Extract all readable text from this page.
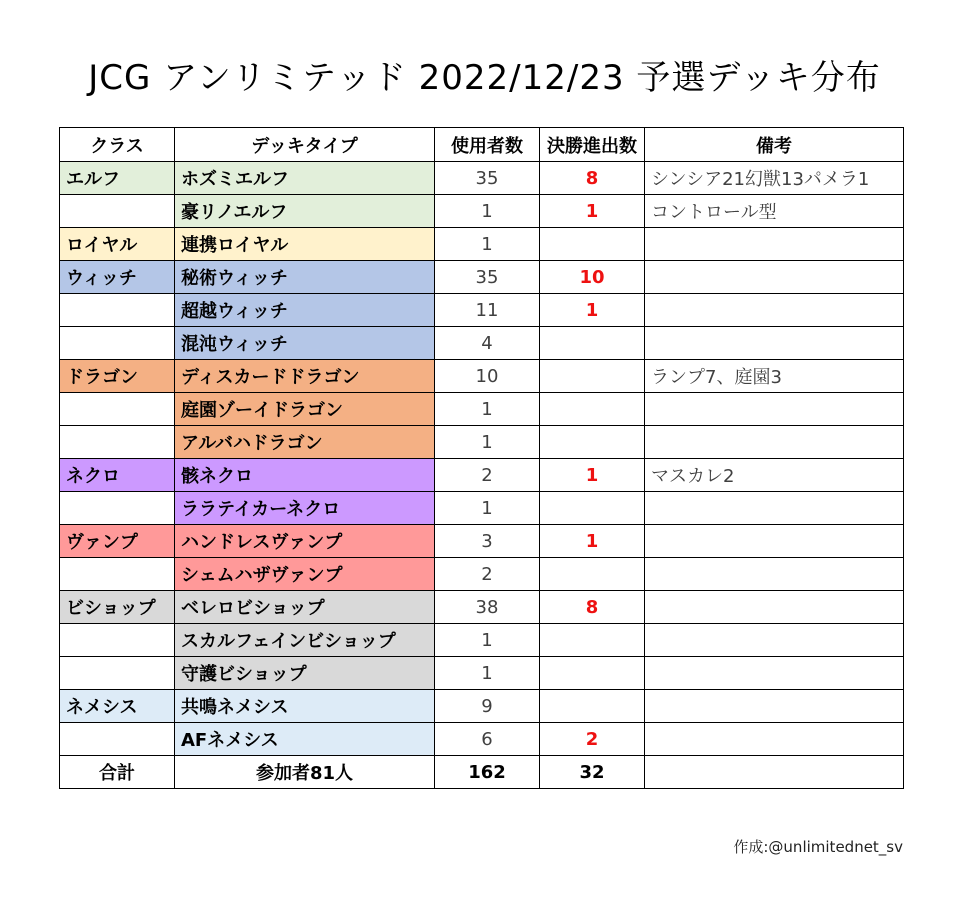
JCG アンリミテッド 2022/12/23 予選デッキ分布
クラス	デッキタイプ	使用者数	決勝進出数	備考
エルフ	ホズミエルフ	35	8	シンシア21幻獣13パメラ1
	豪リノエルフ	1	1	コントロール型
ロイヤル	連携ロイヤル	1		
ウィッチ	秘術ウィッチ	35	10	
	超越ウィッチ	11	1	
	混沌ウィッチ	4		
ドラゴン	ディスカードドラゴン	10		ランプ7、庭園3
	庭園ゾーイドラゴン	1		
	アルバハドラゴン	1		
ネクロ	骸ネクロ	2	1	マスカレ2
	ララテイカーネクロ	1		
ヴァンプ	ハンドレスヴァンプ	3	1	
	シェムハザヴァンプ	2		
ビショップ	ベレロビショップ	38	8	
	スカルフェインビショップ	1		
	守護ビショップ	1		
ネメシス	共鳴ネメシス	9		
	AFネメシス	6	2	
合計	参加者81人	162	32	
作成:@unlimitednet_sv
